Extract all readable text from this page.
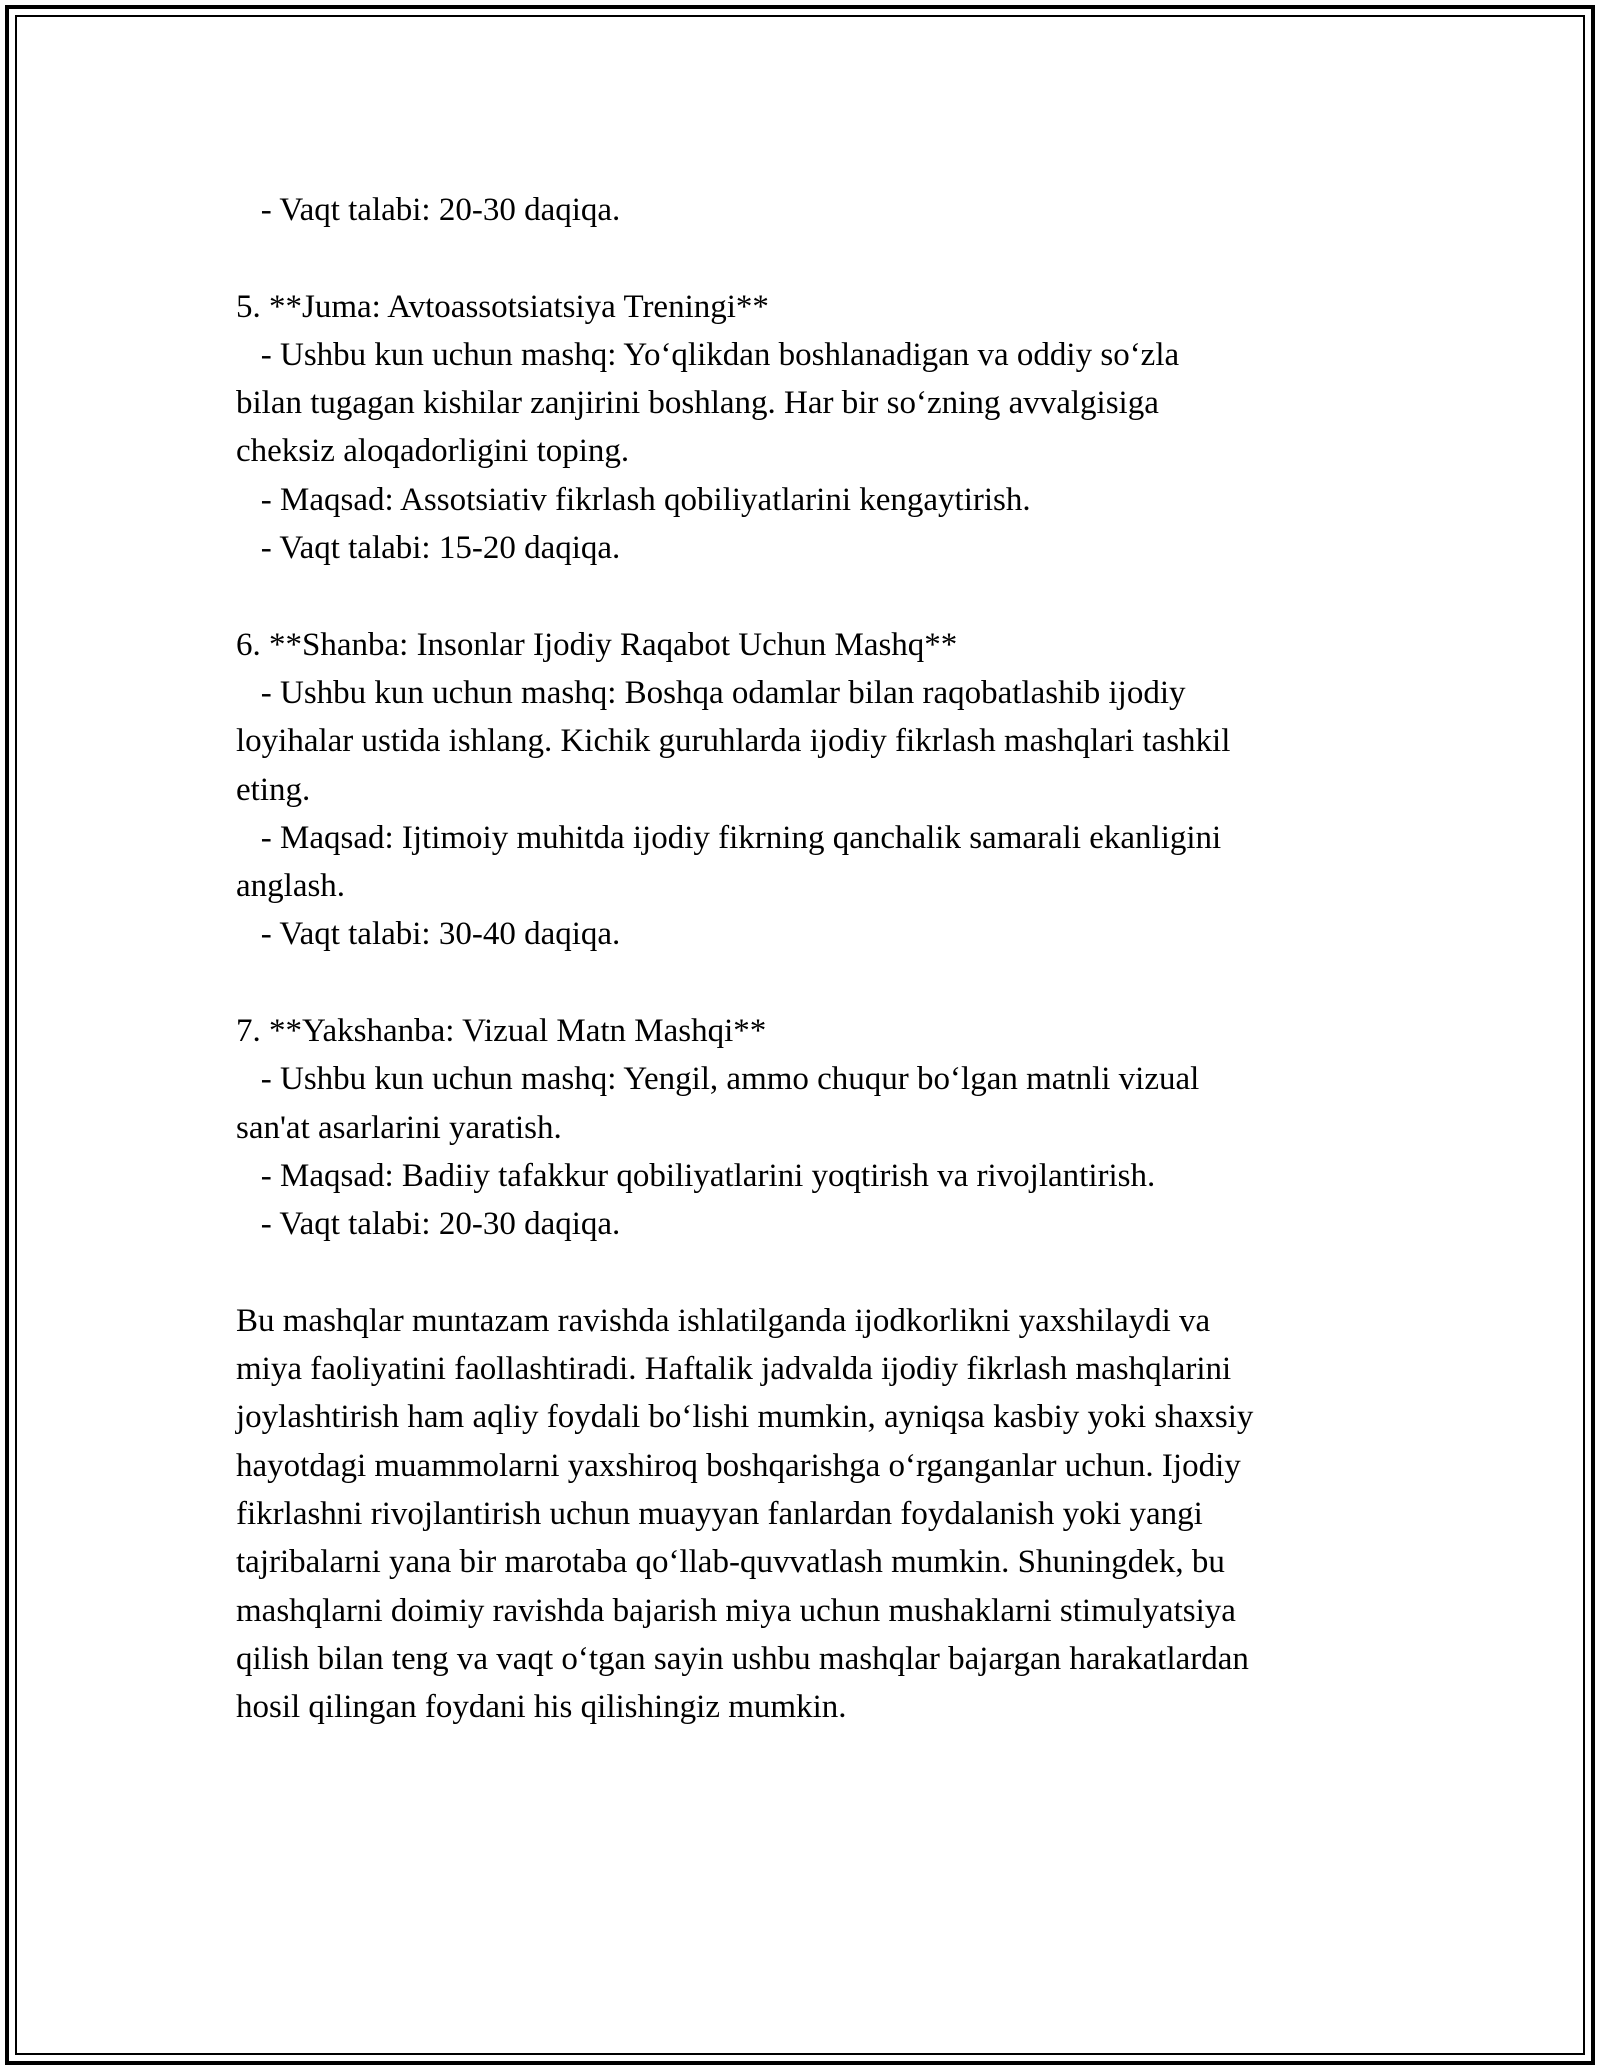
- Vaqt talabi: 20-30 daqiqa.
5. **Juma: Avtoassotsiatsiya Treningi**
- Ushbu kun uchun mashq: Yo‘qlikdan boshlanadigan va oddiy so‘zla
bilan tugagan kishilar zanjirini boshlang. Har bir so‘zning avvalgisiga
cheksiz aloqadorligini toping.
- Maqsad: Assotsiativ fikrlash qobiliyatlarini kengaytirish.
- Vaqt talabi: 15-20 daqiqa.
6. **Shanba: Insonlar Ijodiy Raqabot Uchun Mashq**
- Ushbu kun uchun mashq: Boshqa odamlar bilan raqobatlashib ijodiy
loyihalar ustida ishlang. Kichik guruhlarda ijodiy fikrlash mashqlari tashkil
eting.
- Maqsad: Ijtimoiy muhitda ijodiy fikrning qanchalik samarali ekanligini
anglash.
- Vaqt talabi: 30-40 daqiqa.
7. **Yakshanba: Vizual Matn Mashqi**
- Ushbu kun uchun mashq: Yengil, ammo chuqur bo‘lgan matnli vizual
san'at asarlarini yaratish.
- Maqsad: Badiiy tafakkur qobiliyatlarini yoqtirish va rivojlantirish.
- Vaqt talabi: 20-30 daqiqa.
Bu mashqlar muntazam ravishda ishlatilganda ijodkorlikni yaxshilaydi va
miya faoliyatini faollashtiradi. Haftalik jadvalda ijodiy fikrlash mashqlarini
joylashtirish ham aqliy foydali bo‘lishi mumkin, ayniqsa kasbiy yoki shaxsiy
hayotdagi muammolarni yaxshiroq boshqarishga o‘rganganlar uchun. Ijodiy
fikrlashni rivojlantirish uchun muayyan fanlardan foydalanish yoki yangi
tajribalarni yana bir marotaba qo‘llab-quvvatlash mumkin. Shuningdek, bu
mashqlarni doimiy ravishda bajarish miya uchun mushaklarni stimulyatsiya
qilish bilan teng va vaqt o‘tgan sayin ushbu mashqlar bajargan harakatlardan
hosil qilingan foydani his qilishingiz mumkin.
